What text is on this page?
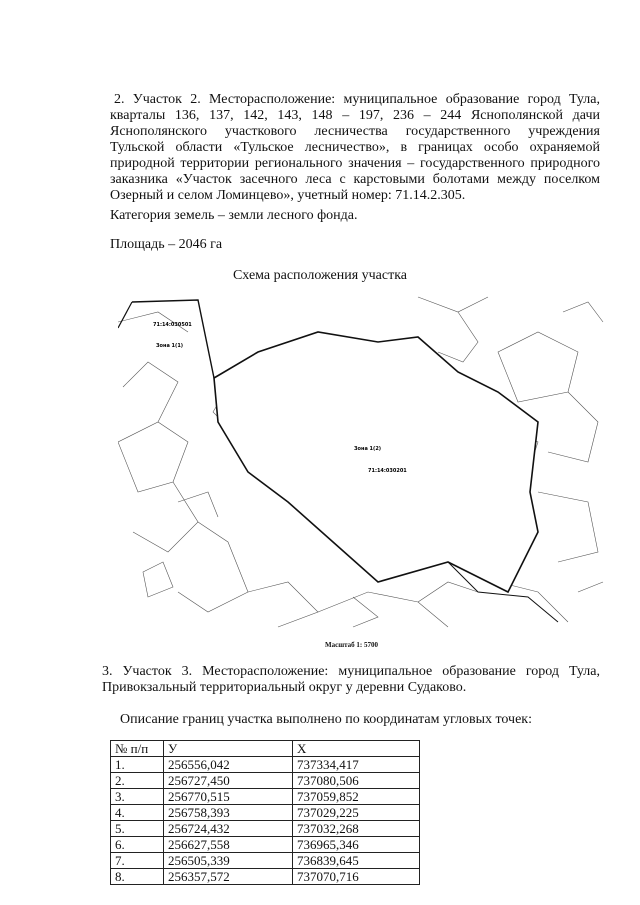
2. Участок 2. Месторасположение: муниципальное образование город Тула, кварталы 136, 137, 142, 143, 148 – 197, 236 – 244 Яснополянской дачи Яснополянского участкового лесничества государственного учреждения Тульской области «Тульское лесничество», в границах особо охраняемой природной территории регионального значения – государственного природного заказника «Участок засечного леса с карстовыми болотами между поселком Озерный и селом Ломинцево», учетный номер: 71.14.2.305.

Категория земель – земли лесного фонда.

Площадь – 2046 га

Схема расположения участка
71:14:030501
Зона 1(1)
Зона 1(2)
71:14:030201
Масштаб 1: 5700
3. Участок 3. Месторасположение: муниципальное образование город Тула,
Привокзальный территориальный округ у деревни Судаково.

Описание границ участка выполнено по координатам угловых точек:

№ п/п	У	Х
1.	256556,042	737334,417
2.	256727,450	737080,506
3.	256770,515	737059,852
4.	256758,393	737029,225
5.	256724,432	737032,268
6.	256627,558	736965,346
7.	256505,339	736839,645
8.	256357,572	737070,716
